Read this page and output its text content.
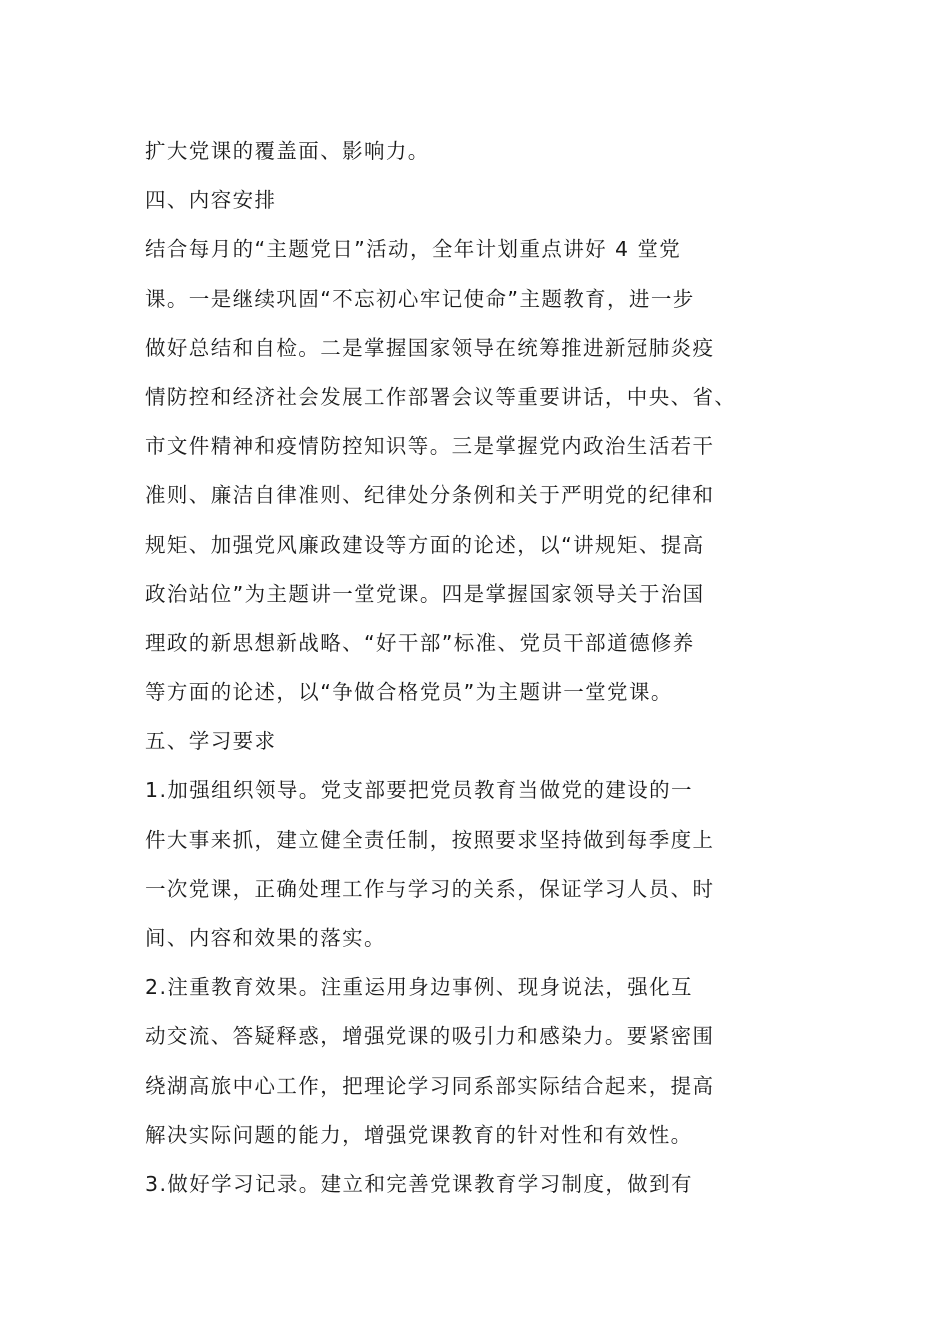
扩大党课的覆盖面、影响力。
四、内容安排
结合每月的“主题党日”活动，全年计划重点讲好 4 堂党
课。一是继续巩固“不忘初心牢记使命”主题教育，进一步
做好总结和自检。二是掌握国家领导在统筹推进新冠肺炎疫
情防控和经济社会发展工作部署会议等重要讲话，中央、省、
市文件精神和疫情防控知识等。三是掌握党内政治生活若干
准则、廉洁自律准则、纪律处分条例和关于严明党的纪律和
规矩、加强党风廉政建设等方面的论述，以“讲规矩、提高
政治站位”为主题讲一堂党课。四是掌握国家领导关于治国
理政的新思想新战略、“好干部”标准、党员干部道德修养
等方面的论述，以“争做合格党员”为主题讲一堂党课。
五、学习要求
1.加强组织领导。党支部要把党员教育当做党的建设的一
件大事来抓，建立健全责任制，按照要求坚持做到每季度上
一次党课，正确处理工作与学习的关系，保证学习人员、时
间、内容和效果的落实。
2.注重教育效果。注重运用身边事例、现身说法，强化互
动交流、答疑释惑，增强党课的吸引力和感染力。要紧密围
绕湖高旅中心工作，把理论学习同系部实际结合起来，提高
解决实际问题的能力，增强党课教育的针对性和有效性。
3.做好学习记录。建立和完善党课教育学习制度，做到有
